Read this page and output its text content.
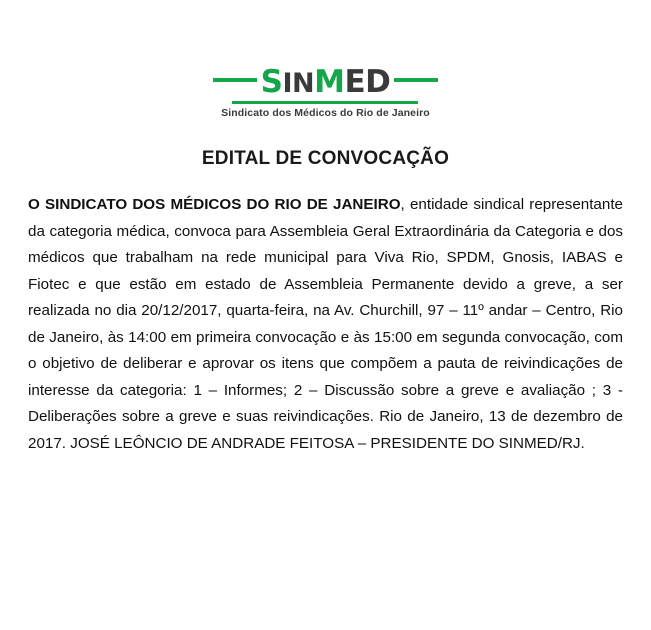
SINMED
Sindicato dos Médicos do Rio de Janeiro
EDITAL DE CONVOCAÇÃO
O SINDICATO DOS MÉDICOS DO RIO DE JANEIRO, entidade sindical representante da categoria médica, convoca para Assembleia Geral Extraordinária da Categoria e dos médicos que trabalham na rede municipal para Viva Rio, SPDM, Gnosis, IABAS e Fiotec e que estão em estado de Assembleia Permanente devido a greve, a ser realizada no dia 20/12/2017, quarta-feira, na Av. Churchill, 97 – 11º andar – Centro, Rio de Janeiro, às 14:00 em primeira convocação e às 15:00 em segunda convocação, com o objetivo de deliberar e aprovar os itens que compõem a pauta de reivindicações de interesse da categoria: 1 – Informes; 2 – Discussão sobre a greve e avaliação ; 3 - Deliberações sobre a greve e suas reivindicações. Rio de Janeiro, 13 de dezembro de 2017. JOSÉ LEÔNCIO DE ANDRADE FEITOSA – PRESIDENTE DO SINMED/RJ.
